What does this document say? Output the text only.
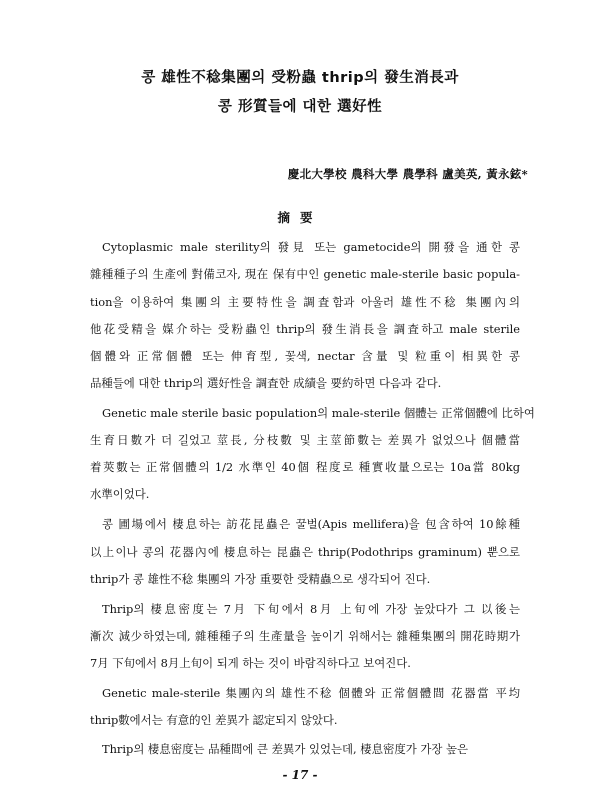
콩 雄性不稔集團의 受粉蟲 thrip의 發生消長과
콩 形質들에 대한 選好性
慶北大學校 農科大學 農學科 盧美英, 黃永鉉*
摘要
Cytoplasmic male sterility의 發見 또는 gametocide의 開發을 通한 콩
雜種種子의 生產에 對備코자, 現在 保有中인 genetic male-sterile basic popula-
tion을 이용하여 集團의 主要特性을 調査함과 아울러 雄性不稔 集團內의
他花受精을 媒介하는 受粉蟲인 thrip의 發生消長을 調査하고 male sterile
個體와 正常個體 또는 伸育型, 꽃색, nectar 含量 및 粒重이 相異한 콩
品種들에 대한 thrip의 選好性을 調査한 成績을 要約하면 다음과 같다.
Genetic male sterile basic population의 male-sterile 個體는 正常個體에 比하여
生育日數가 더 길었고 莖長, 分枝數 및 主莖節數는 差異가 없었으나 個體當
着莢數는 正常個體의 1/2 水準인 40個 程度로 種實收量으로는 10a當 80kg
水準이었다.
콩 圃場에서 棲息하는 訪花昆蟲은 꿀벌(Apis mellifera)을 包含하여 10餘種
以上이나 콩의 花器內에 棲息하는 昆蟲은 thrip(Podothrips graminum) 뿐으로
thrip가 콩 雄性不稔 集團의 가장 重要한 受精蟲으로 생각되어 진다.
Thrip의 棲息密度는 7月 下旬에서 8月 上旬에 가장 높았다가 그 以後는
漸次 減少하였는데, 雜種種子의 生產量을 높이기 위해서는 雜種集團의 開花時期가
7月 下旬에서 8月上旬이 되게 하는 것이 바람직하다고 보여진다.
Genetic male-sterile 集團內의 雄性不稔 個體와 正常個體間 花器當 平均
thrip數에서는 有意的인 差異가 認定되지 않았다.
Thrip의 棲息密度는 品種間에 큰 差異가 있었는데, 棲息密度가 가장 높은
- 17 -
